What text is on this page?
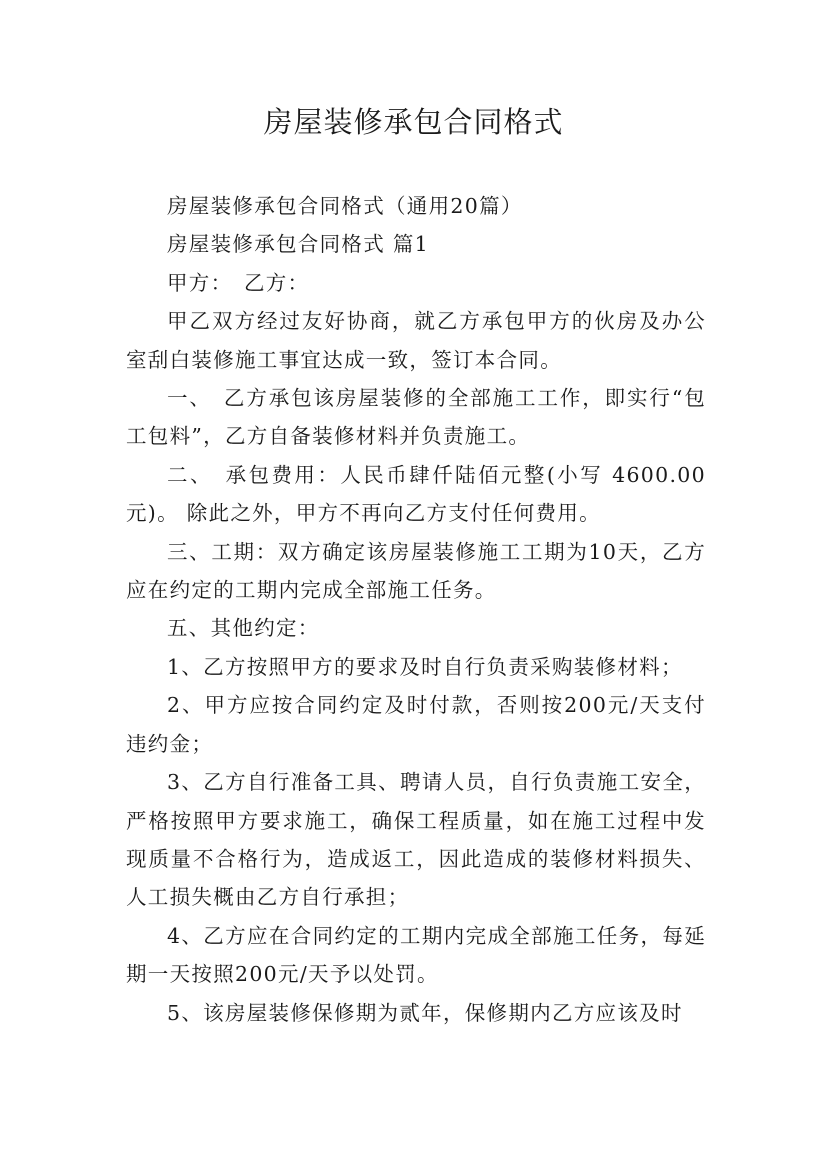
房屋装修承包合同格式

房屋装修承包合同格式（通用20篇）

房屋装修承包合同格式 篇1

甲方：　乙方：

甲乙双方经过友好协商，就乙方承包甲方的伙房及办公室刮白装修施工事宜达成一致，签订本合同。

一、　乙方承包该房屋装修的全部施工工作，即实行“包工包料”，乙方自备装修材料并负责施工。

二、　承包费用：人民币肆仟陆佰元整(小写 4600.00元)。 除此之外，甲方不再向乙方支付任何费用。

三、工期：双方确定该房屋装修施工工期为10天，乙方应在约定的工期内完成全部施工任务。

五、其他约定：

1、乙方按照甲方的要求及时自行负责采购装修材料；

2、甲方应按合同约定及时付款，否则按200元/天支付违约金；

3、乙方自行准备工具、聘请人员，自行负责施工安全，严格按照甲方要求施工，确保工程质量，如在施工过程中发现质量不合格行为，造成返工，因此造成的装修材料损失、人工损失概由乙方自行承担；

4、乙方应在合同约定的工期内完成全部施工任务，每延期一天按照200元/天予以处罚。

5、该房屋装修保修期为贰年，保修期内乙方应该及时
